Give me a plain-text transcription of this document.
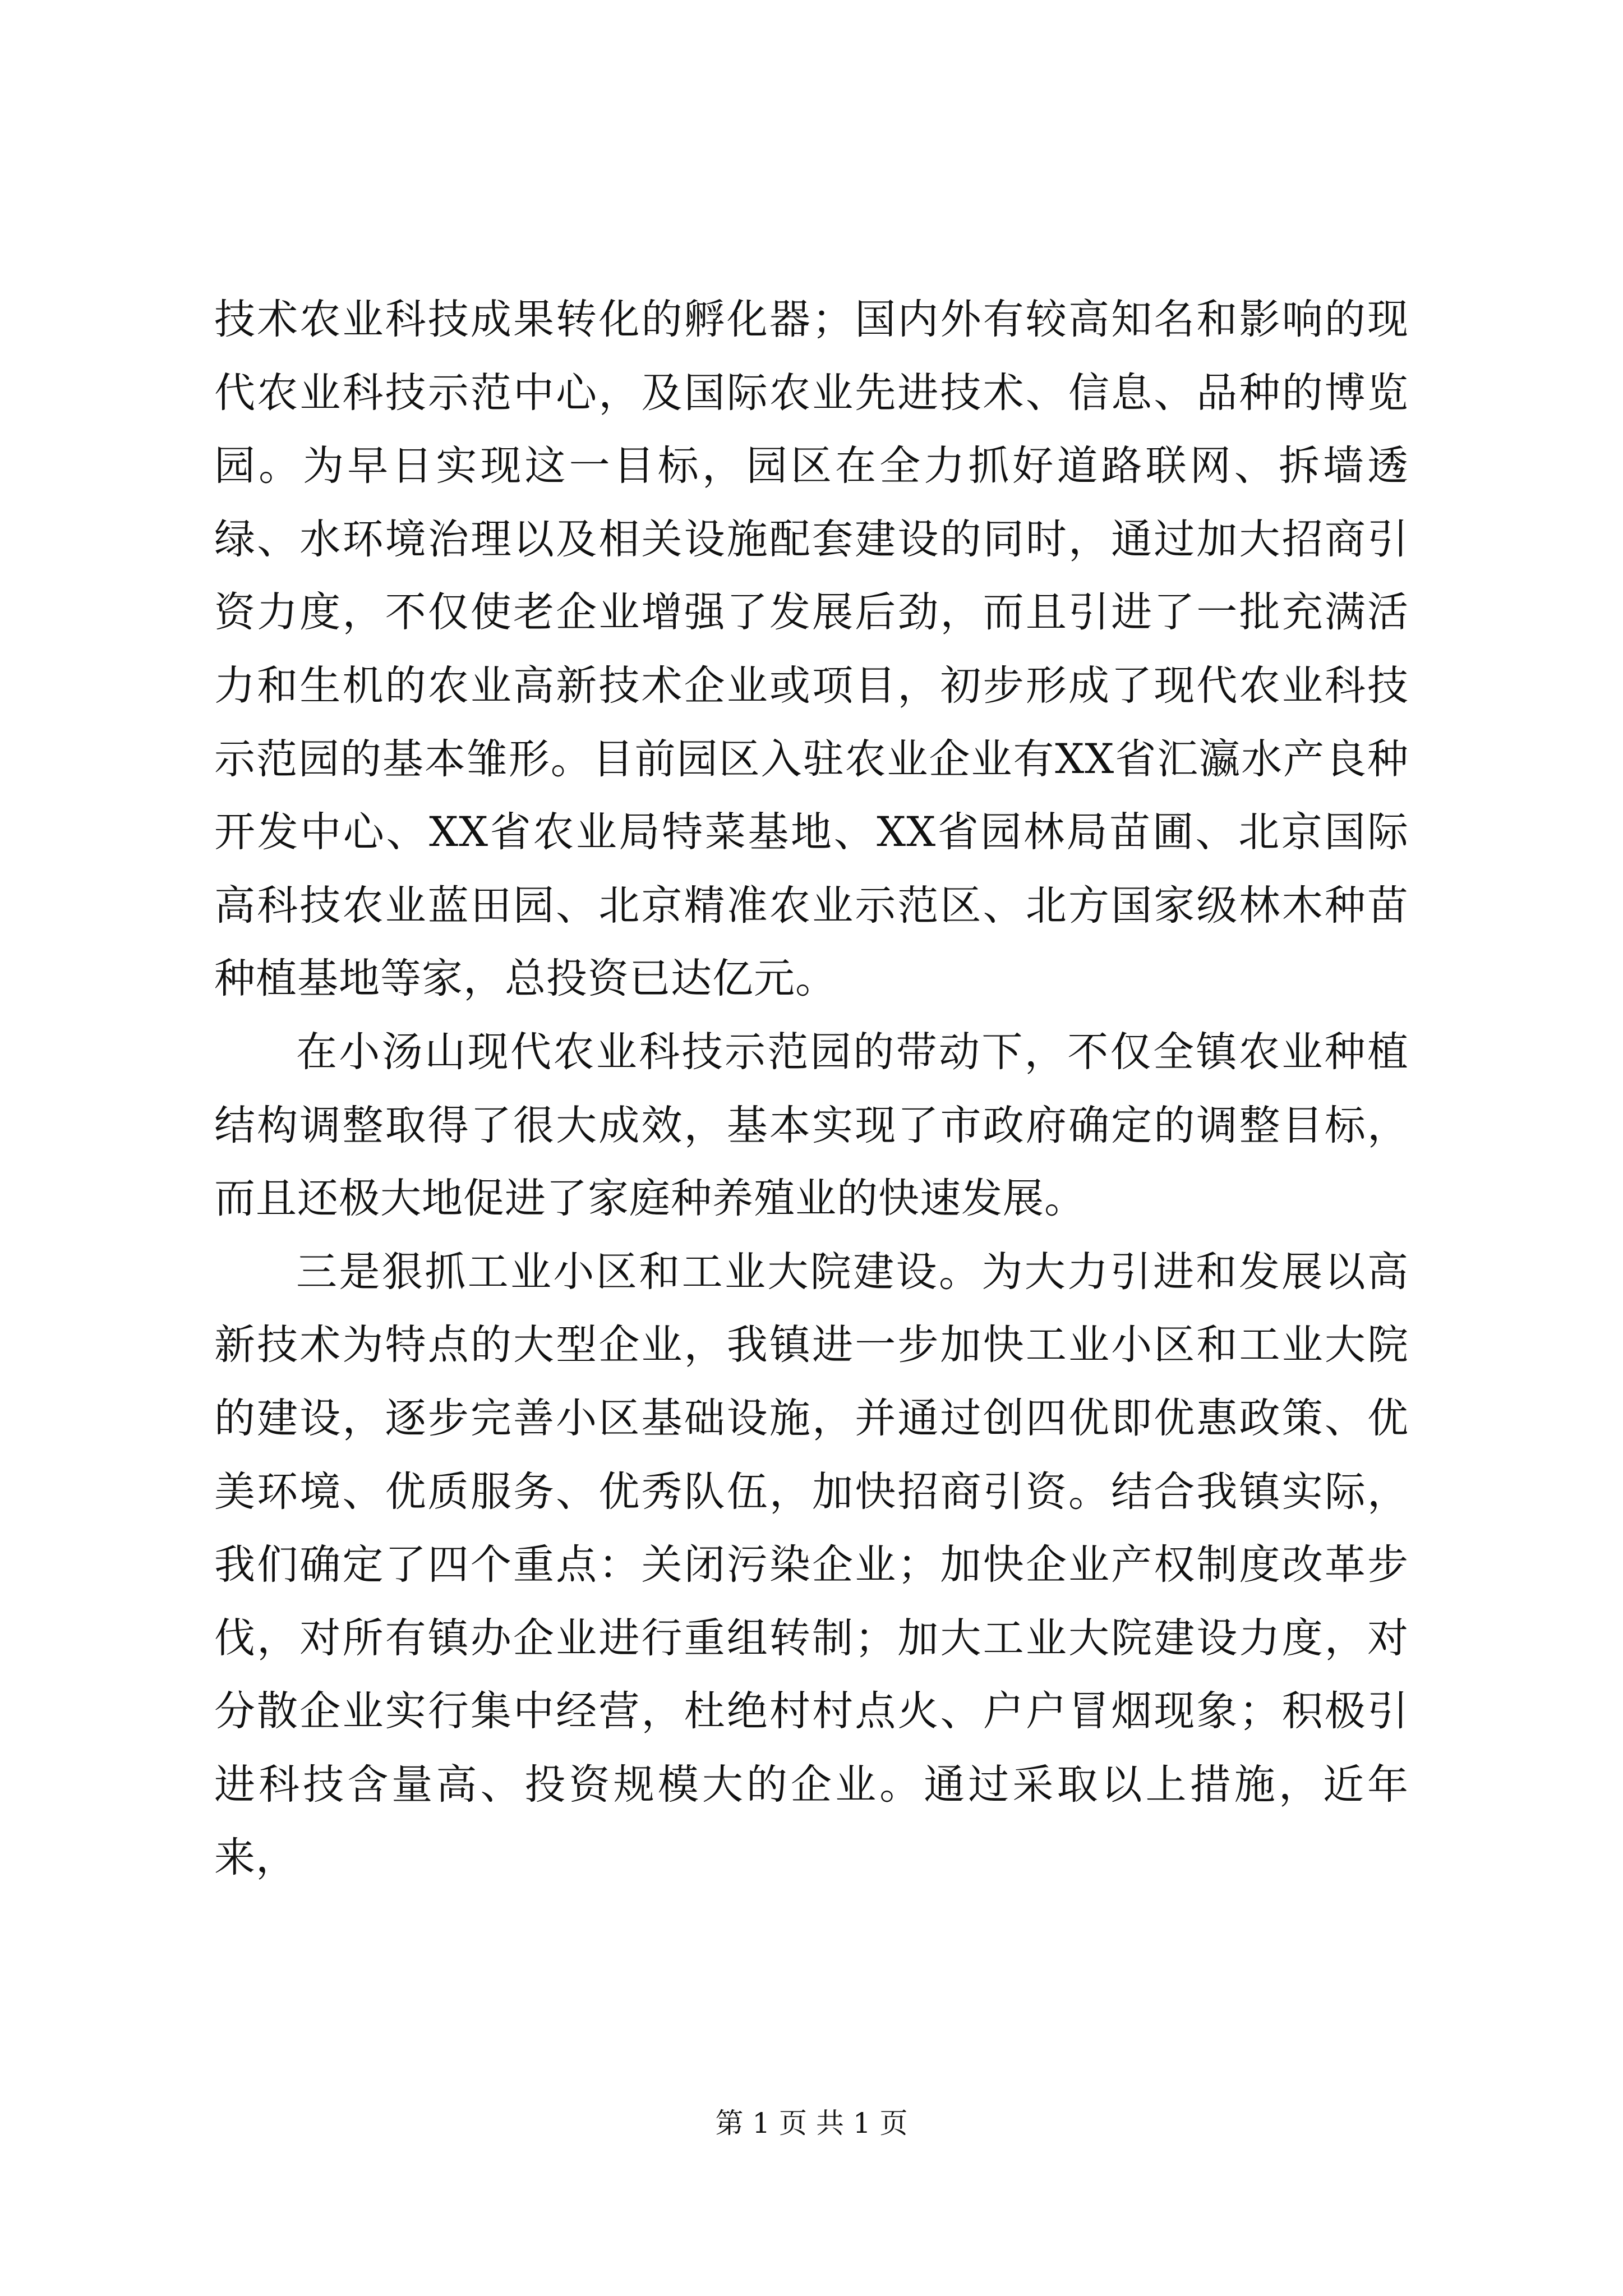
技术农业科技成果转化的孵化器；国内外有较高知名和影响的现代农业科技示范中心，及国际农业先进技术、信息、品种的博览园。为早日实现这一目标，园区在全力抓好道路联网、拆墙透绿、水环境治理以及相关设施配套建设的同时，通过加大招商引资力度，不仅使老企业增强了发展后劲，而且引进了一批充满活力和生机的农业高新技术企业或项目，初步形成了现代农业科技示范园的基本雏形。目前园区入驻农业企业有XX省汇瀛水产良种开发中心、XX省农业局特菜基地、XX省园林局苗圃、北京国际高科技农业蓝田园、北京精准农业示范区、北方国家级林木种苗种植基地等家，总投资已达亿元。

在小汤山现代农业科技示范园的带动下，不仅全镇农业种植结构调整取得了很大成效，基本实现了市政府确定的调整目标，而且还极大地促进了家庭种养殖业的快速发展。

三是狠抓工业小区和工业大院建设。为大力引进和发展以高新技术为特点的大型企业，我镇进一步加快工业小区和工业大院的建设，逐步完善小区基础设施，并通过创四优即优惠政策、优美环境、优质服务、优秀队伍，加快招商引资。结合我镇实际，我们确定了四个重点：关闭污染企业；加快企业产权制度改革步伐，对所有镇办企业进行重组转制；加大工业大院建设力度，对分散企业实行集中经营，杜绝村村点火、户户冒烟现象；积极引进科技含量高、投资规模大的企业。通过采取以上措施，近年来，

第 1 页 共 1 页
